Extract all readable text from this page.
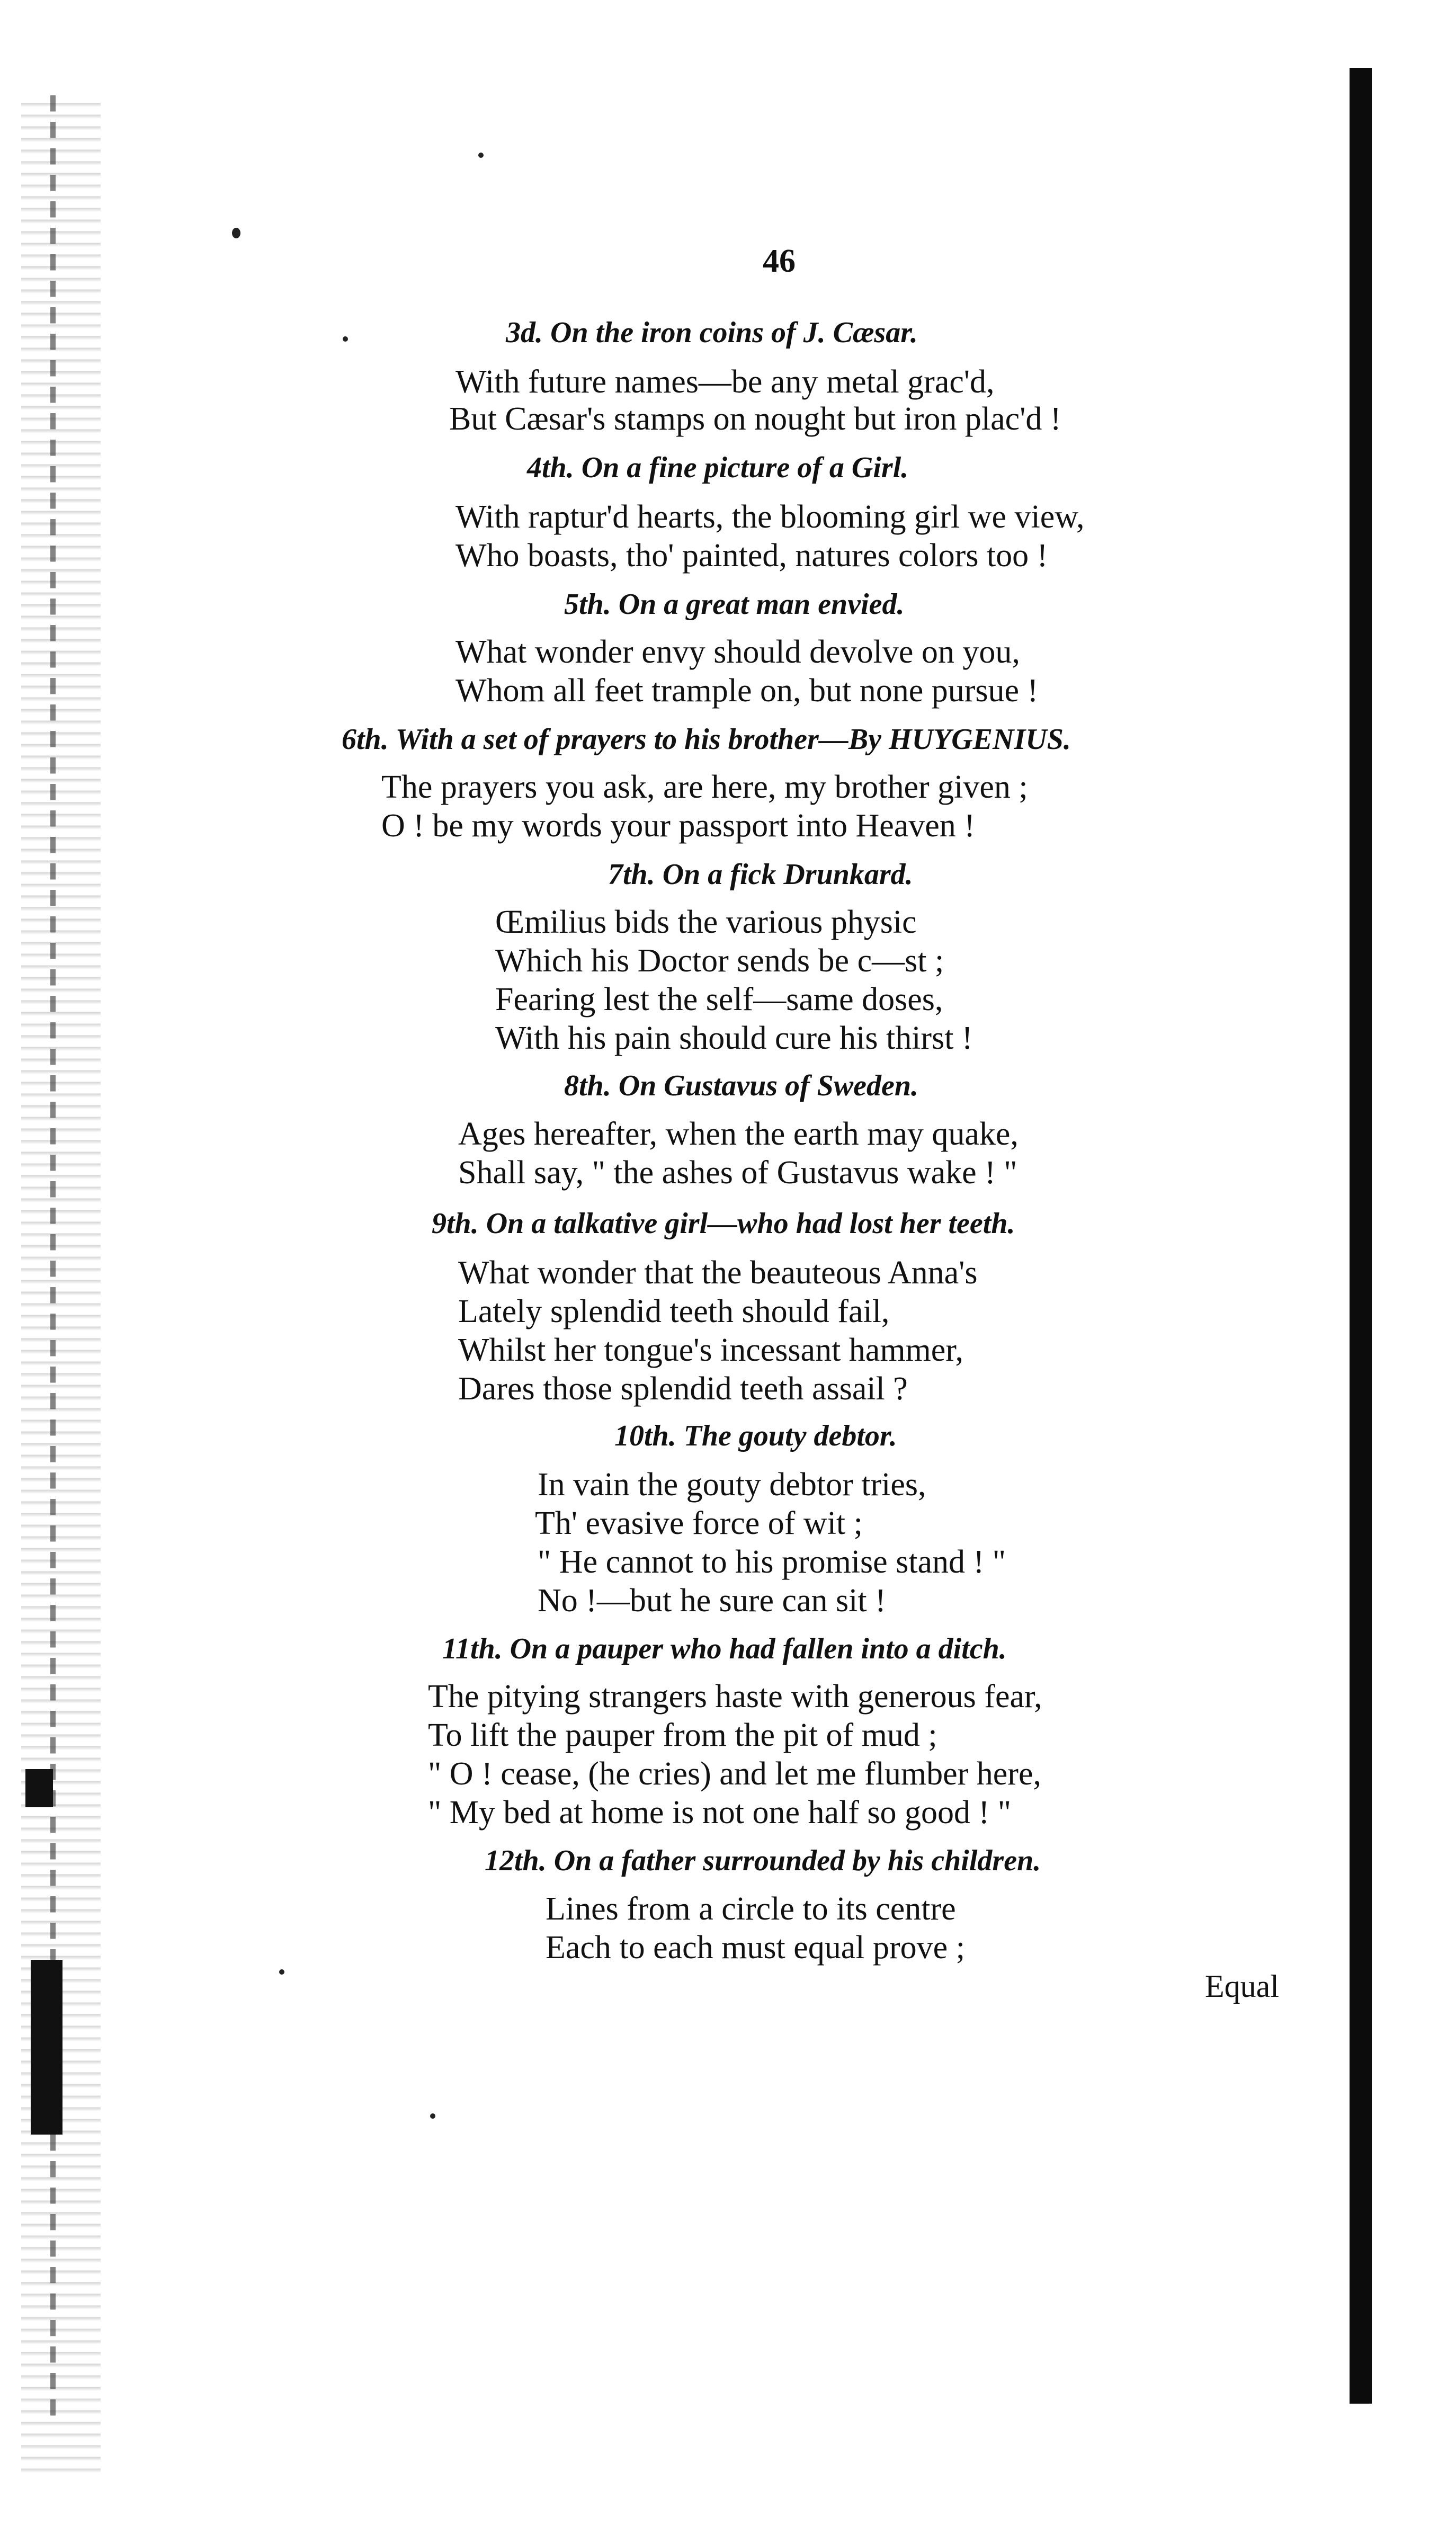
46
3d. On the iron coins of J. Cæsar.
With future names—be any metal grac'd,
But Cæsar's stamps on nought but iron plac'd !
4th. On a fine picture of a Girl.
With raptur'd hearts, the blooming girl we view,
Who boasts, tho' painted, natures colors too !
5th. On a great man envied.
What wonder envy should devolve on you,
Whom all feet trample on, but none pursue !
6th. With a set of prayers to his brother—By HUYGENIUS.
The prayers you ask, are here, my brother given ;
O ! be my words your passport into Heaven !
7th. On a fick Drunkard.
Œmilius bids the various physic
Which his Doctor sends be c—st ;
Fearing lest the self—same doses,
With his pain should cure his thirst !
8th. On Gustavus of Sweden.
Ages hereafter, when the earth may quake,
Shall say, " the ashes of Gustavus wake ! "
9th. On a talkative girl—who had lost her teeth.
What wonder that the beauteous Anna's
Lately splendid teeth should fail,
Whilst her tongue's incessant hammer,
Dares those splendid teeth assail ?
10th. The gouty debtor.
In vain the gouty debtor tries,
Th' evasive force of wit ;
" He cannot to his promise stand ! "
No !—but he sure can sit !
11th. On a pauper who had fallen into a ditch.
The pitying strangers haste with generous fear,
To lift the pauper from the pit of mud ;
" O ! cease, (he cries) and let me flumber here,
" My bed at home is not one half so good ! "
12th. On a father surrounded by his children.
Lines from a circle to its centre
Each to each must equal prove ;
Equal
